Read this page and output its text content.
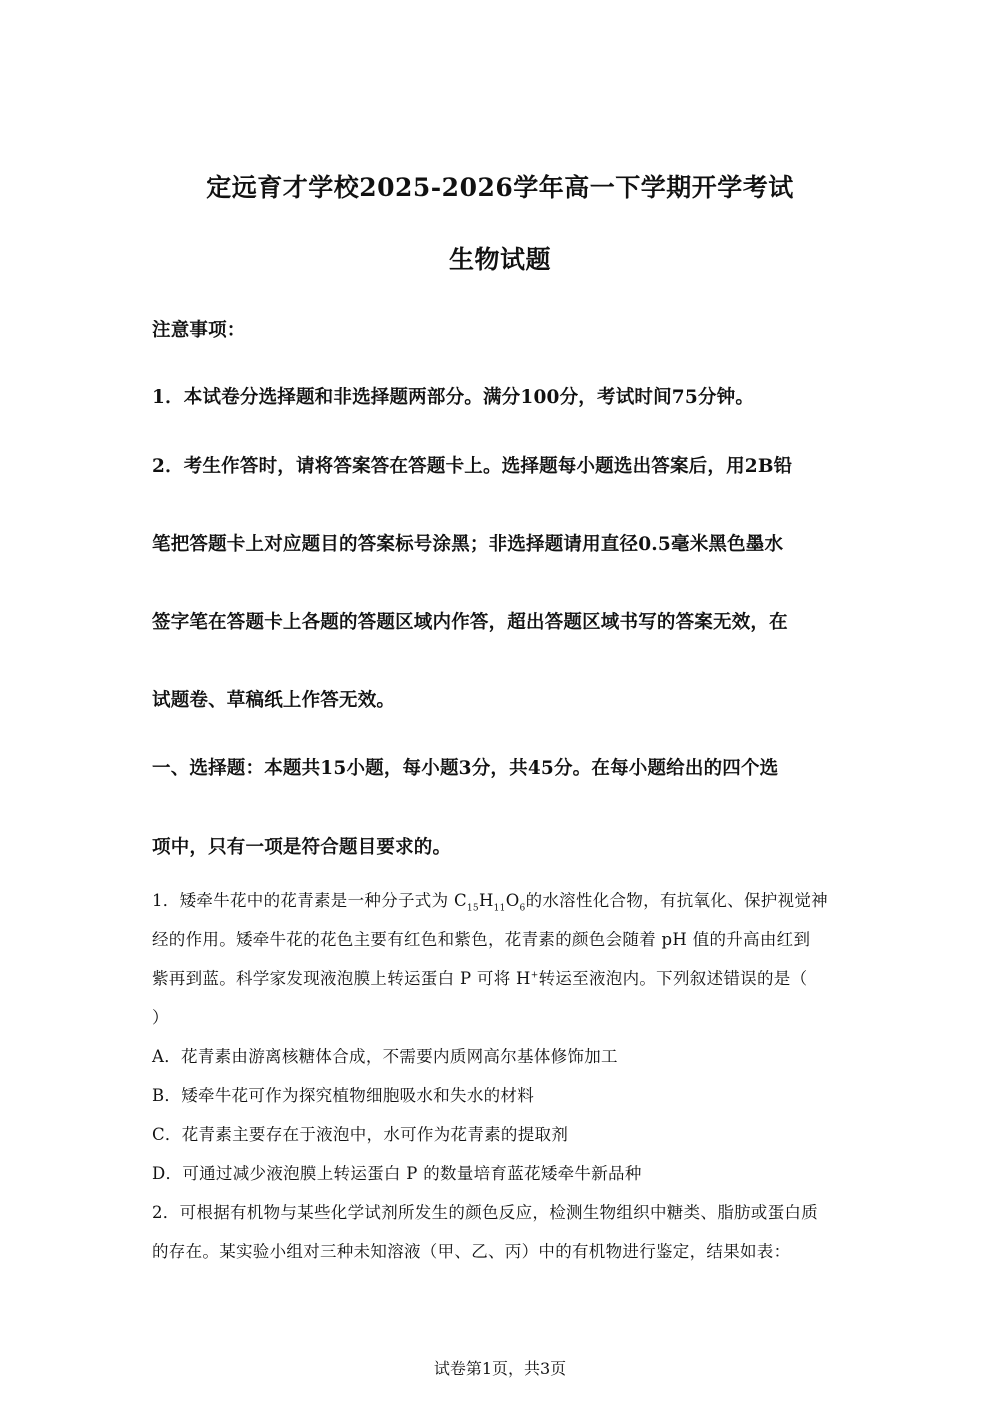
定远育才学校2025-2026学年高一下学期开学考试
生物试题
注意事项：
1．本试卷分选择题和非选择题两部分。满分100分，考试时间75分钟。
2．考生作答时，请将答案答在答题卡上。选择题每小题选出答案后，用2B铅
笔把答题卡上对应题目的答案标号涂黑；非选择题请用直径0.5毫米黑色墨水
签字笔在答题卡上各题的答题区域内作答，超出答题区域书写的答案无效，在
试题卷、草稿纸上作答无效。
一、选择题：本题共15小题，每小题3分，共45分。在每小题给出的四个选
项中，只有一项是符合题目要求的。
1．矮牵牛花中的花青素是一种分子式为 $C_{15}H_{11}O_6$的水溶性化合物，有抗氧化、保护视觉神
经的作用。矮牵牛花的花色主要有红色和紫色，花青素的颜色会随着 pH 值的升高由红到
紫再到蓝。科学家发现液泡膜上转运蛋白 P 可将 H+转运至液泡内。下列叙述错误的是（
）
A．花青素由游离核糖体合成，不需要内质网高尔基体修饰加工
B．矮牵牛花可作为探究植物细胞吸水和失水的材料
C．花青素主要存在于液泡中，水可作为花青素的提取剂
D．可通过减少液泡膜上转运蛋白 P 的数量培育蓝花矮牵牛新品种
2．可根据有机物与某些化学试剂所发生的颜色反应，检测生物组织中糖类、脂肪或蛋白质
的存在。某实验小组对三种未知溶液（甲、乙、丙）中的有机物进行鉴定，结果如表：
试卷第1页，共3页
